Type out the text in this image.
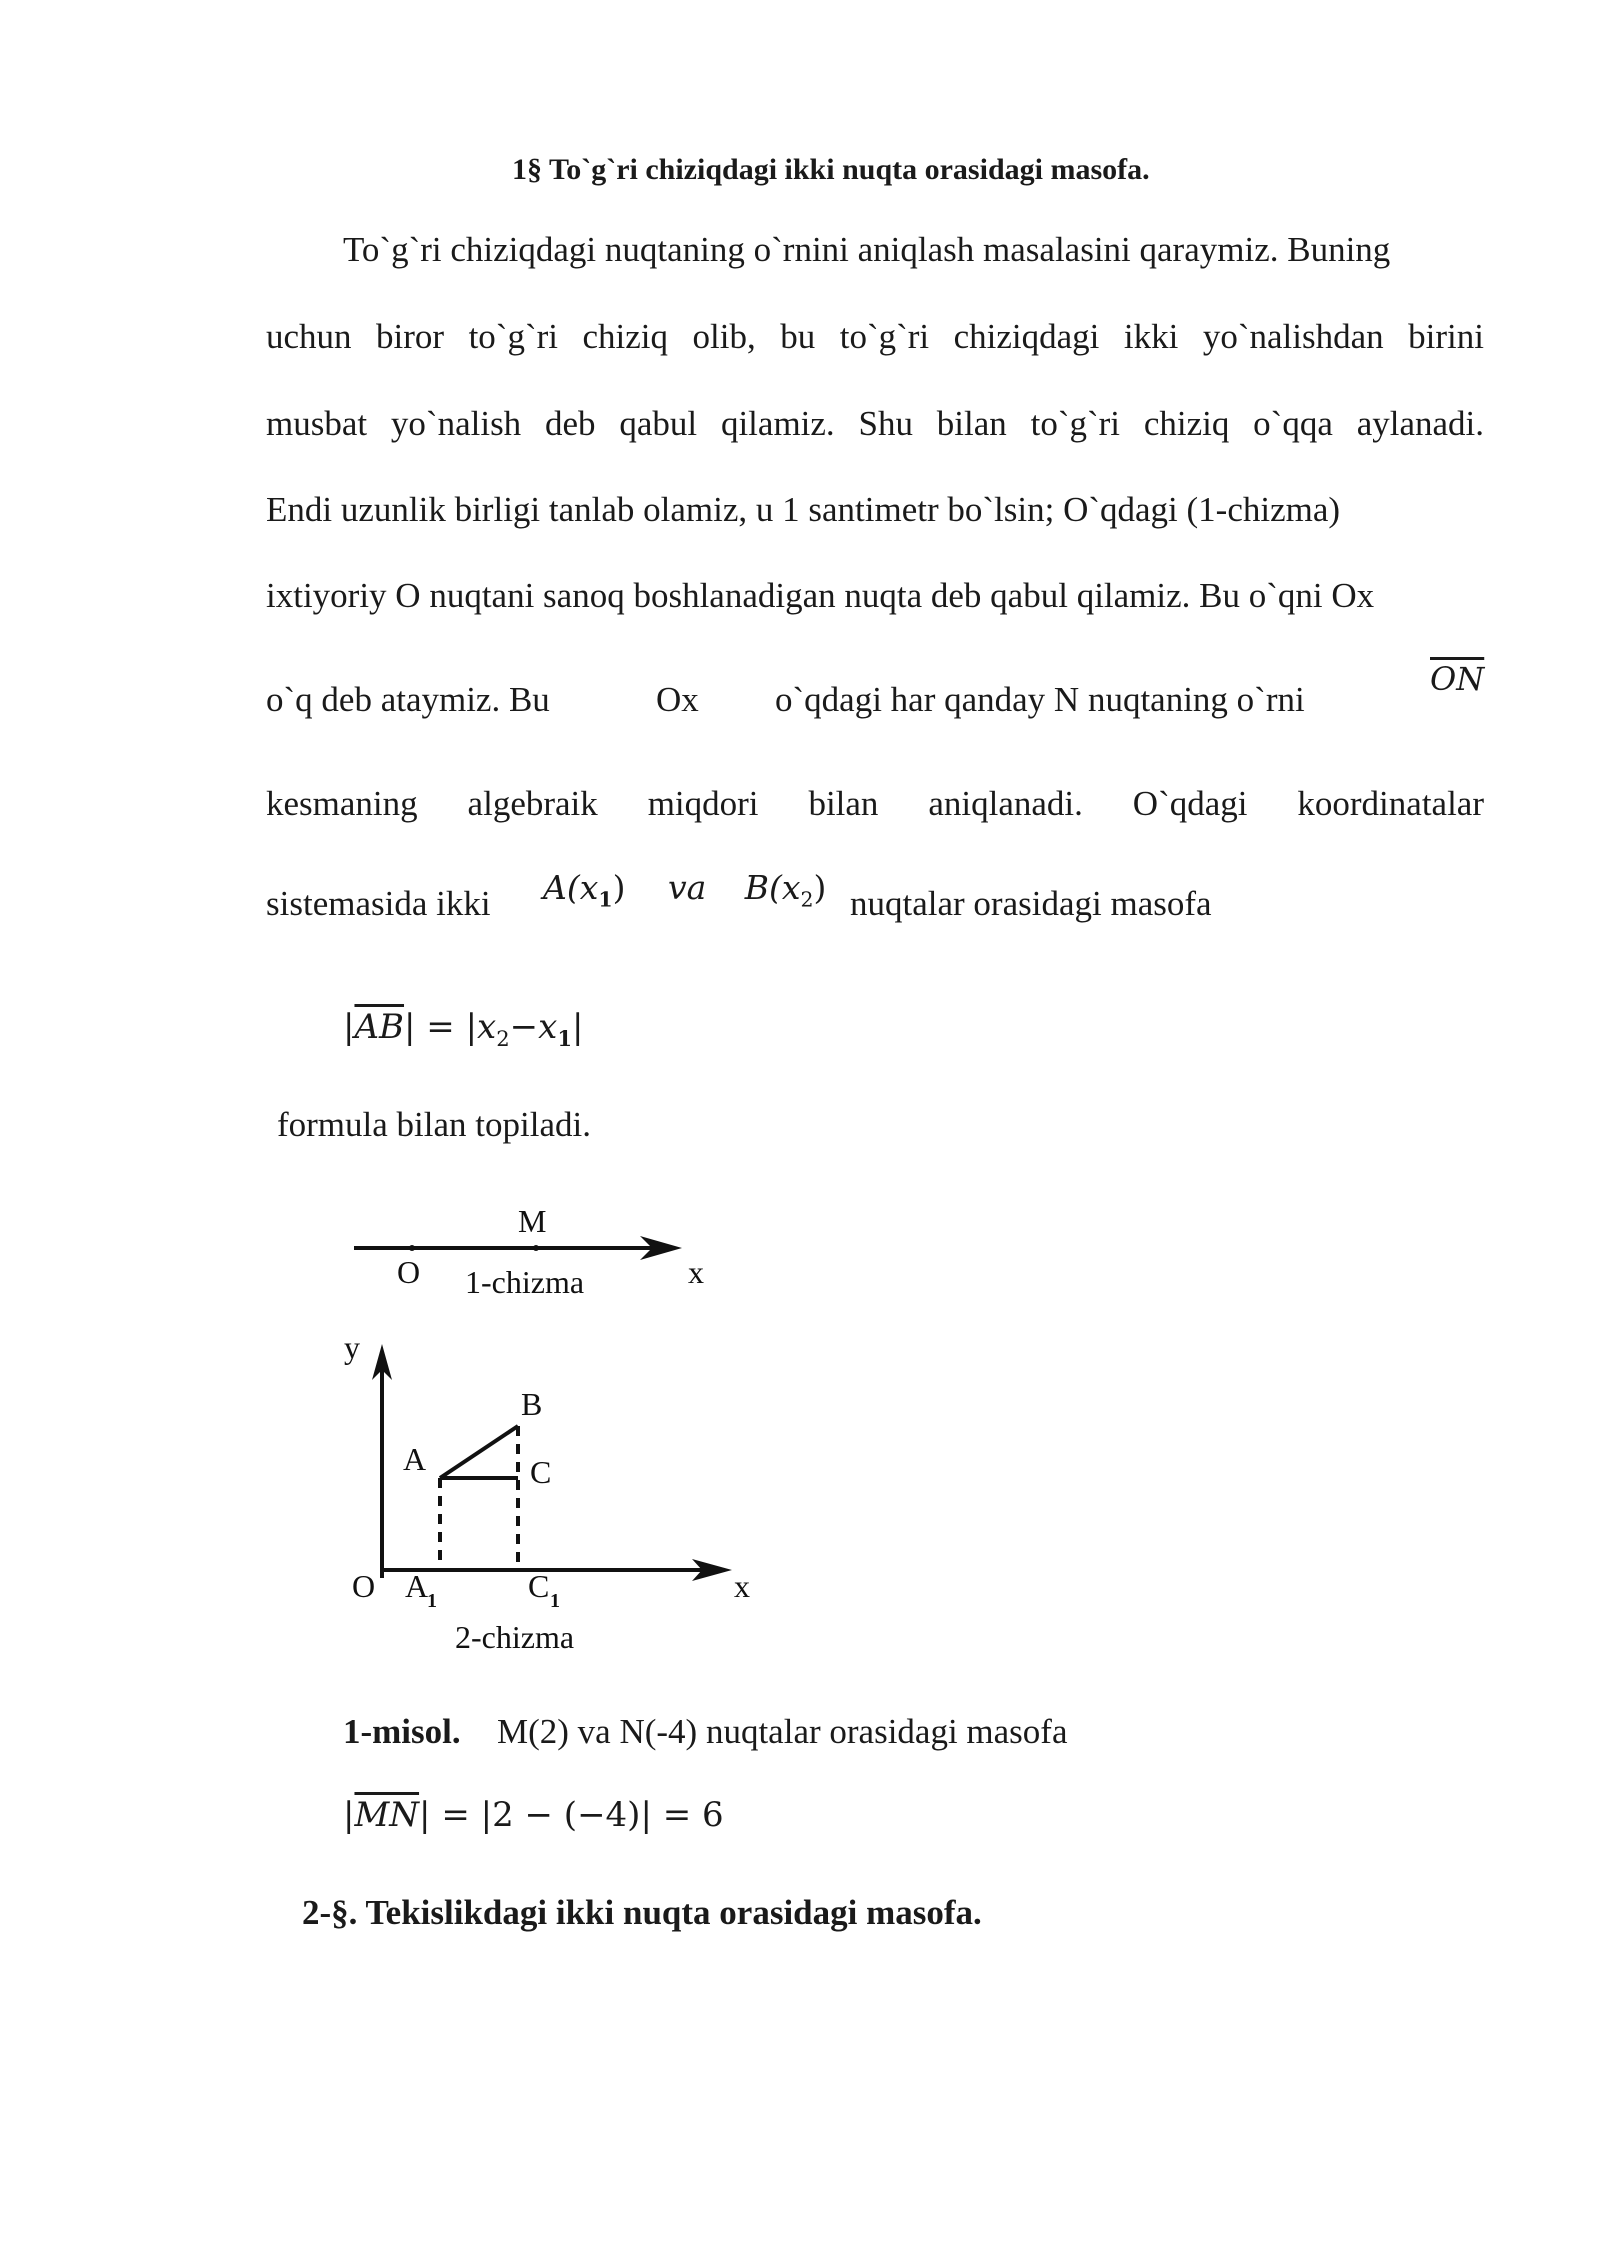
1§ To`g`ri chiziqdagi ikki nuqta orasidagi masofa.
To`g`ri chiziqdagi nuqtaning o`rnini aniqlash masalasini qaraymiz. Buning
uchun biror to`g`ri chiziq olib, bu to`g`ri chiziqdagi ikki yo`nalishdan birini
musbat yo`nalish deb qabul qilamiz. Shu bilan to`g`ri chiziq o`qqa aylanadi.
Endi uzunlik birligi tanlab olamiz, u 1 santimetr bo`lsin; O`qdagi (1-chizma)
ixtiyoriy O nuqtani sanoq boshlanadigan nuqta deb qabul qilamiz. Bu o`qni Ox
o`q deb ataymiz. Bu	Ox o`qdagi har qanday N nuqtaning o`rni
$\overline{ON}$
kesmaning algebraik miqdori bilan aniqlanadi. O`qdagi koordinatalar
sistemasida ikki $A(x_1)$ va $B(x_2)$ nuqtalar orasidagi masofa
$|\overline{AB}| = |x_2-x_1|$
formula bilan topiladi.
M
O	x
1-chizma
y
B
A	C
O A
1	C 1	x
2-chizma
1-misol. M(2) va N(-4) nuqtalar orasidagi masofa
$|\overline{MN}| = |2 - (-4)| = 6$
2-§. Tekislikdagi ikki nuqta orasidagi masofa.
